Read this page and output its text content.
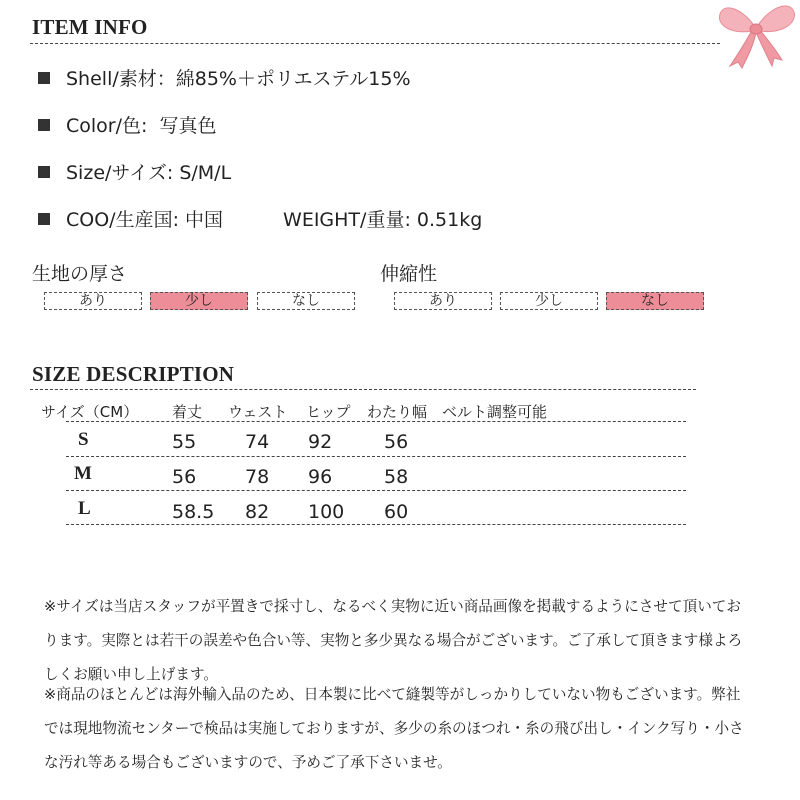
ITEM INFO
Shell/素材：綿85%＋ポリエステル15%
Color/色:  写真色
Size/サイズ: S/M/L
COO/生産国: 中国	WEIGHT/重量: 0.51kg
生地の厚さ
あり	少し	なし
伸縮性
あり	少し	なし
SIZE DESCRIPTION
サイズ（CM） 着丈 ウェスト ヒップ わたり幅 ベルト調整可能
S	55	74 92	56
M	56	78 96	58
L	58.5 82 100 60
※サイズは当店スタッフが平置きで採寸し、なるべく実物に近い商品画像を掲載するようにさせて頂いております。実際とは若干の誤差や色合い等、実物と多少異なる場合がございます。ご了承して頂きます様よろしくお願い申し上げます。
※商品のほとんどは海外輸入品のため、日本製に比べて縫製等がしっかりしていない物もございます。弊社では現地物流センターで検品は実施しておりますが、多少の糸のほつれ・糸の飛び出し・インク写り・小さな汚れ等ある場合もございますので、予めご了承下さいませ。
